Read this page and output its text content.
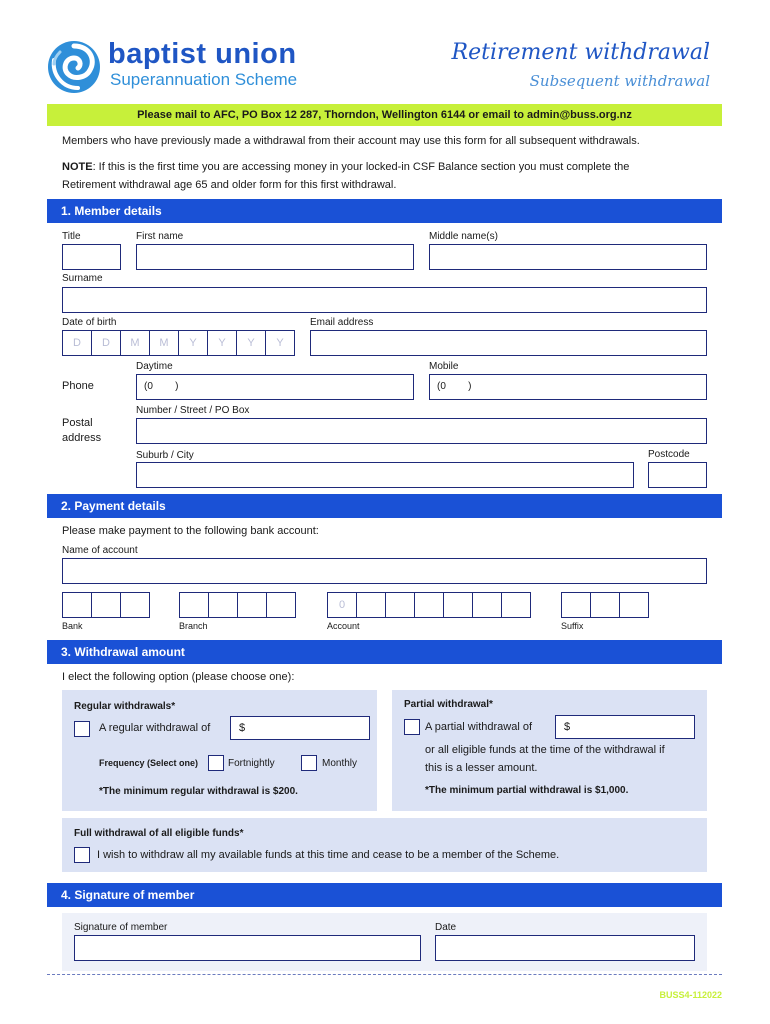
baptist union
Superannuation Scheme
Retirement withdrawal
Subsequent withdrawal
Please mail to AFC, PO Box 12 287, Thorndon, Wellington 6144 or email to admin@buss.org.nz
Members who have previously made a withdrawal from their account may use this form for all subsequent withdrawals.
NOTE: If this is the first time you are accessing money in your locked-in CSF Balance section you must complete the
Retirement withdrawal age 65 and older form for this first withdrawal.
1. Member details
Title	First name	Middle name(s)
Surname
Date of birth
D	D	M	M	Y	Y	Y	Y
Email address
Daytime	Mobile
Phone	(0        )	(0        )
Number / Street / PO Box
Postal
address
Suburb / City	Postcode
2. Payment details
Please make payment to the following bank account:
Name of account
0
Bank	Branch	Account	Suffix
3. Withdrawal amount
I elect the following option (please choose one):
Regular withdrawals*
A regular withdrawal of	$
Frequency (Select one)	Fortnightly	Monthly
*The minimum regular withdrawal is $200.
Partial withdrawal*
A partial withdrawal of	$
or all eligible funds at the time of the withdrawal if
this is a lesser amount.
*The minimum partial withdrawal is $1,000.
Full withdrawal of all eligible funds*
I wish to withdraw all my available funds at this time and cease to be a member of the Scheme.
4. Signature of member
Signature of member	Date
BUSS4-112022
